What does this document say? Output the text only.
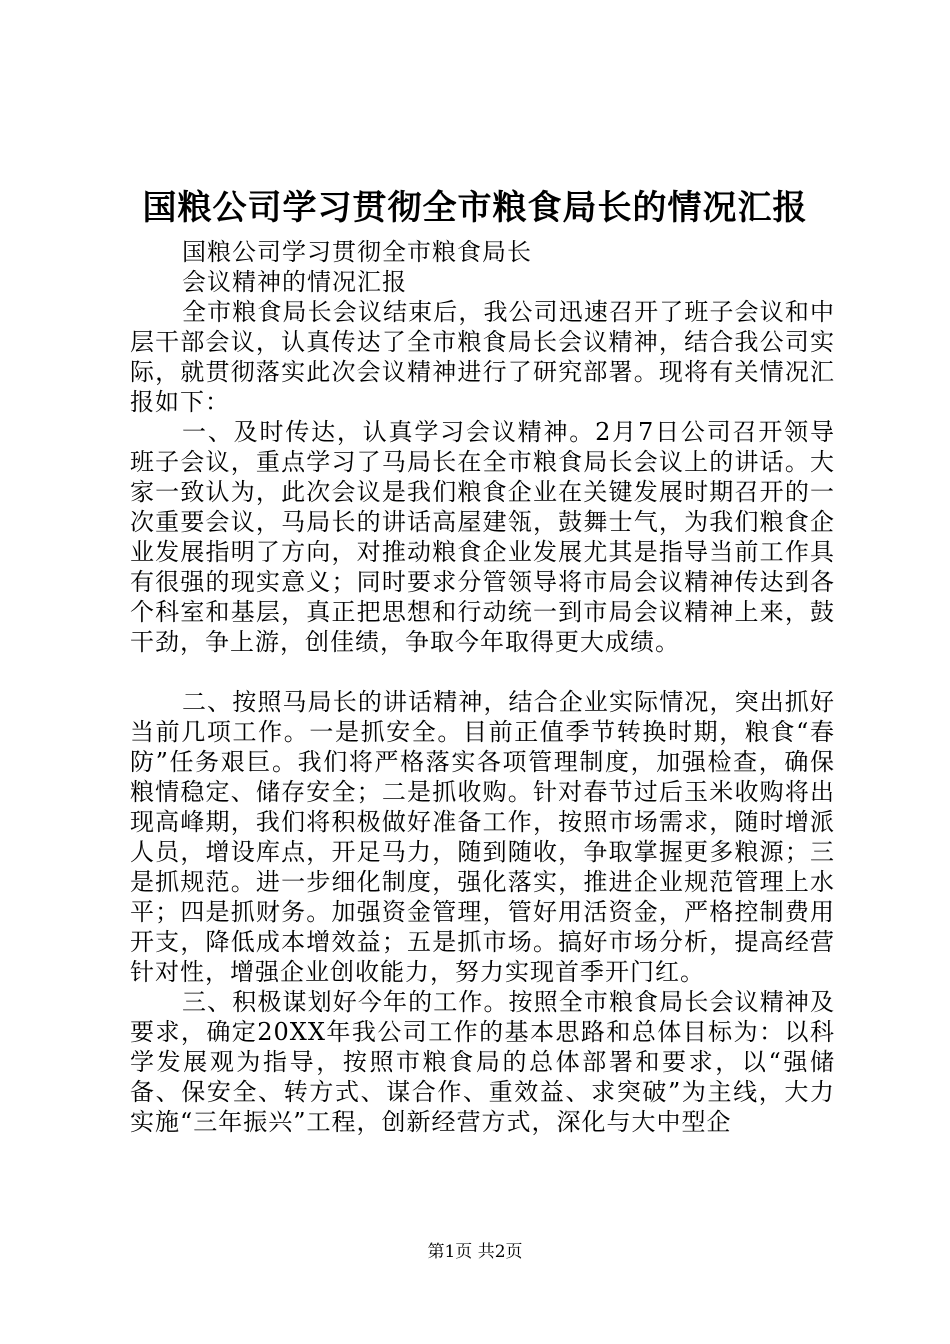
国粮公司学习贯彻全市粮食局长的情况汇报

国粮公司学习贯彻全市粮食局长

会议精神的情况汇报

全市粮食局长会议结束后，我公司迅速召开了班子会议和中层干部会议，认真传达了全市粮食局长会议精神，结合我公司实际，就贯彻落实此次会议精神进行了研究部署。现将有关情况汇报如下：

一、及时传达，认真学习会议精神。2月7日公司召开领导班子会议，重点学习了马局长在全市粮食局长会议上的讲话。大家一致认为，此次会议是我们粮食企业在关键发展时期召开的一次重要会议，马局长的讲话高屋建瓴，鼓舞士气，为我们粮食企业发展指明了方向，对推动粮食企业发展尤其是指导当前工作具有很强的现实意义；同时要求分管领导将市局会议精神传达到各个科室和基层，真正把思想和行动统一到市局会议精神上来，鼓干劲，争上游，创佳绩，争取今年取得更大成绩。

二、按照马局长的讲话精神，结合企业实际情况，突出抓好当前几项工作。一是抓安全。目前正值季节转换时期，粮食“春防”任务艰巨。我们将严格落实各项管理制度，加强检查，确保粮情稳定、储存安全；二是抓收购。针对春节过后玉米收购将出现高峰期，我们将积极做好准备工作，按照市场需求，随时增派人员，增设库点，开足马力，随到随收，争取掌握更多粮源；三是抓规范。进一步细化制度，强化落实，推进企业规范管理上水平；四是抓财务。加强资金管理，管好用活资金，严格控制费用开支，降低成本增效益；五是抓市场。搞好市场分析，提高经营针对性，增强企业创收能力，努力实现首季开门红。

三、积极谋划好今年的工作。按照全市粮食局长会议精神及要求，确定20XX年我公司工作的基本思路和总体目标为：以科学发展观为指导，按照市粮食局的总体部署和要求，以“强储备、保安全、转方式、谋合作、重效益、求突破”为主线，大力实施“三年振兴”工程，创新经营方式，深化与大中型企

第1页 共2页
